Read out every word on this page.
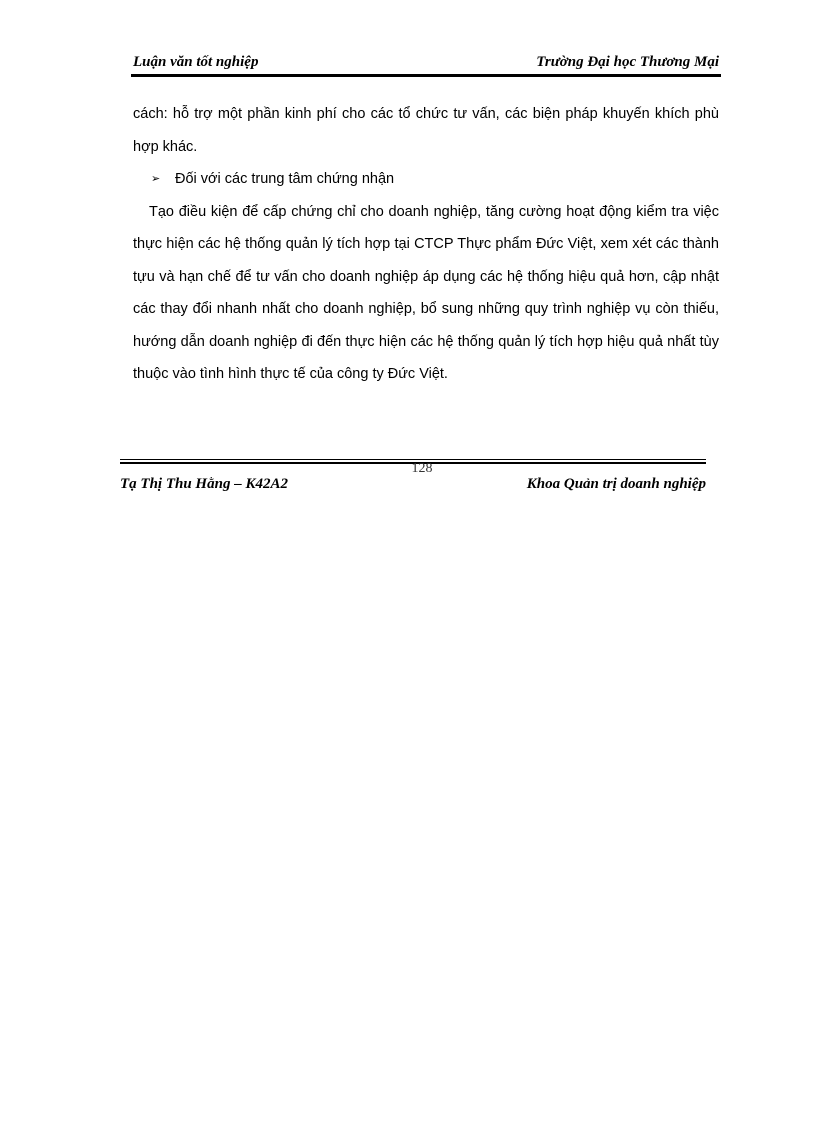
Luận văn tốt nghiệp	Trường Đại học Thương Mại

cách: hỗ trợ một phần kinh phí cho các tổ chức tư vấn, các biện pháp khuyến khích phù hợp khác.

➢ Đối với các trung tâm chứng nhận

Tạo điều kiện để cấp chứng chỉ cho doanh nghiệp, tăng cường hoạt động kiểm tra việc thực hiện các hệ thống quản lý tích hợp tại CTCP Thực phẩm Đức Việt, xem xét các thành tựu và hạn chế để tư vấn cho doanh nghiệp áp dụng các hệ thống hiệu quả hơn, cập nhật các thay đổi nhanh nhất cho doanh nghiệp, bổ sung những quy trình nghiệp vụ còn thiếu, hướng dẫn doanh nghiệp đi đến thực hiện các hệ thống quản lý tích hợp hiệu quả nhất tùy thuộc vào tình hình thực tế của công ty Đức Việt.

128
Tạ Thị Thu Hằng – K42A2	Khoa Quản trị doanh nghiệp
